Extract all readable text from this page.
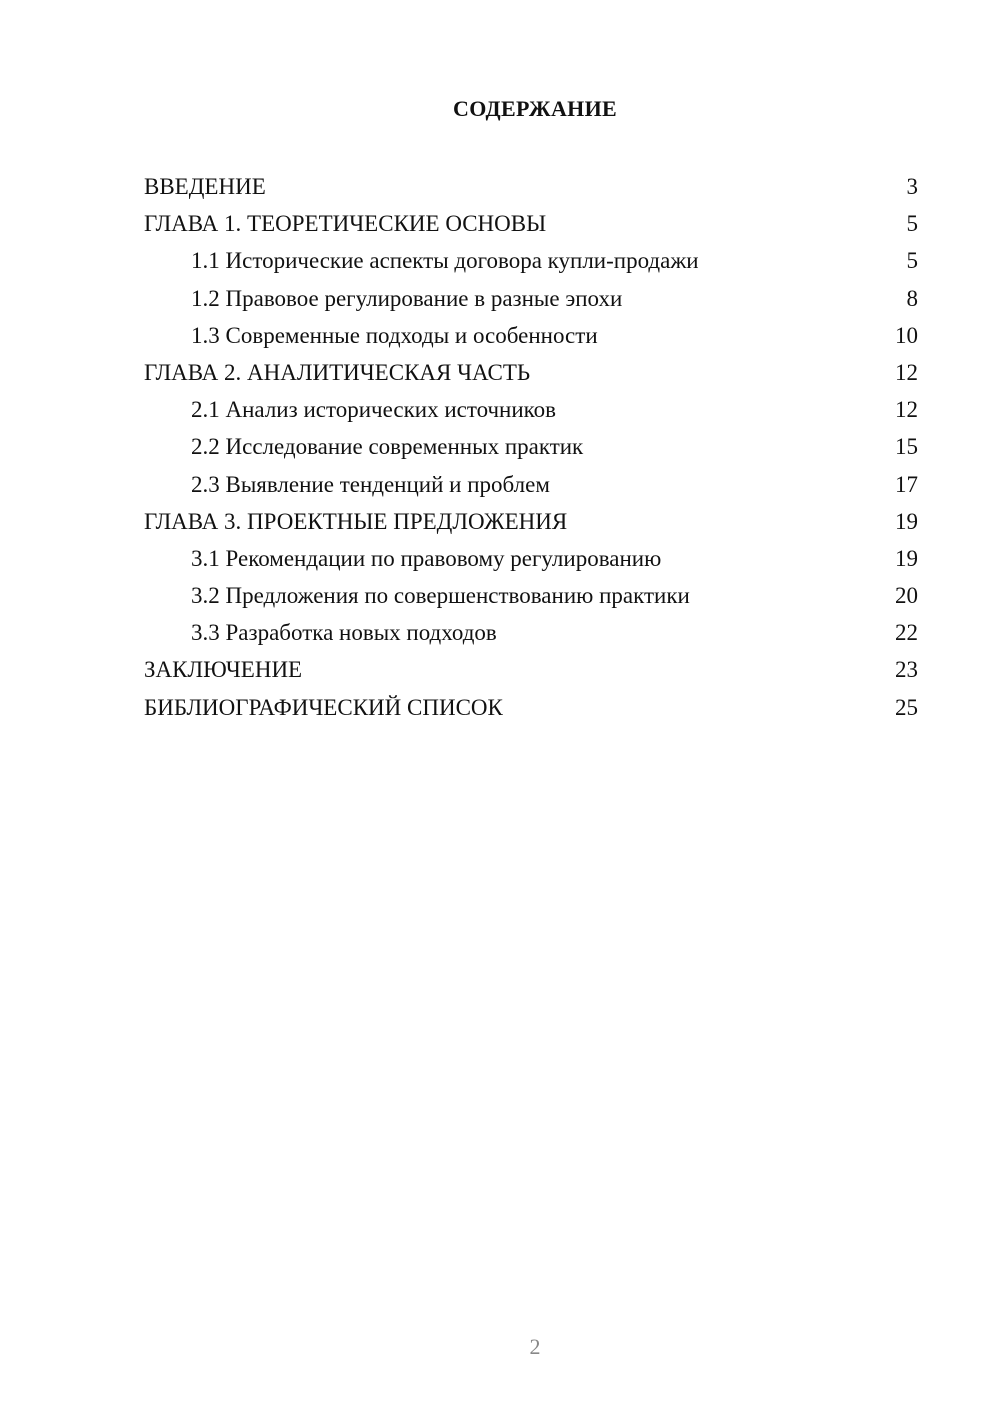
СОДЕРЖАНИЕ
ВВЕДЕНИЕ	3
ГЛАВА 1. ТЕОРЕТИЧЕСКИЕ ОСНОВЫ	5
1.1 Исторические аспекты договора купли-продажи	5
1.2 Правовое регулирование в разные эпохи	8
1.3 Современные подходы и особенности	10
ГЛАВА 2. АНАЛИТИЧЕСКАЯ ЧАСТЬ	12
2.1 Анализ исторических источников	12
2.2 Исследование современных практик	15
2.3 Выявление тенденций и проблем	17
ГЛАВА 3. ПРОЕКТНЫЕ ПРЕДЛОЖЕНИЯ	19
3.1 Рекомендации по правовому регулированию	19
3.2 Предложения по совершенствованию практики	20
3.3 Разработка новых подходов	22
ЗАКЛЮЧЕНИЕ	23
БИБЛИОГРАФИЧЕСКИЙ СПИСОК	25
2
